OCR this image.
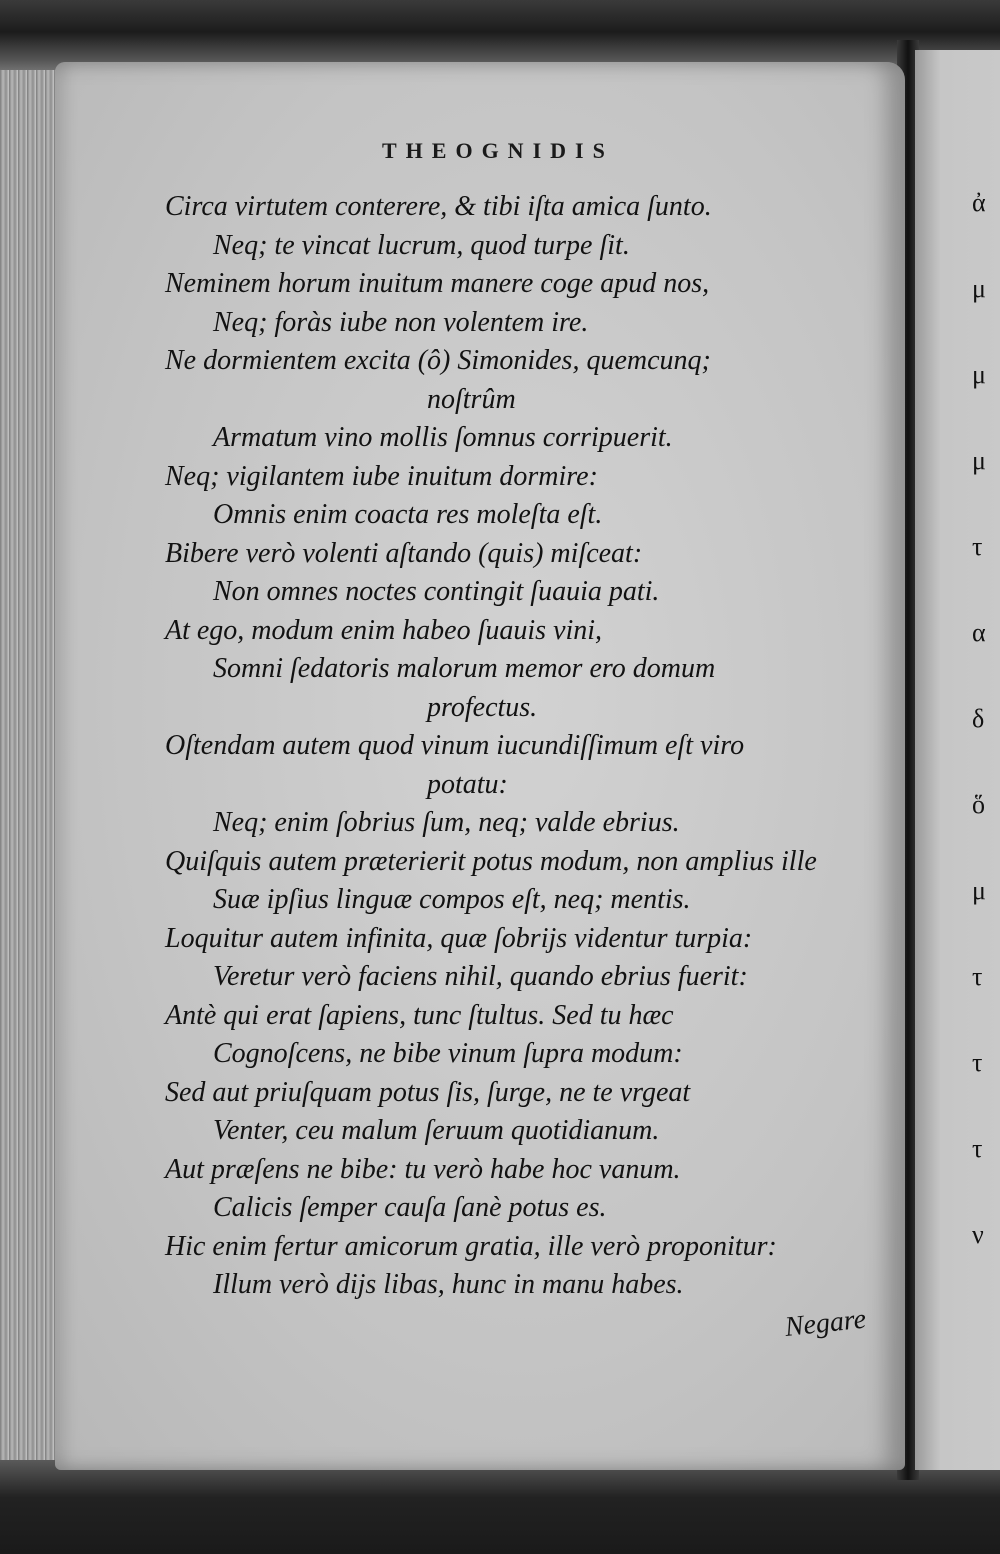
THEOGNIDIS
Circa virtutem conterere, & tibi iſta amica ſunto.
Neq; te vincat lucrum, quod turpe ſit.
Neminem horum inuitum manere coge apud nos,
Neq; foràs iube non volentem ire.
Ne dormientem excita (ô) Simonides, quemcunq;
noſtrûm
Armatum vino mollis ſomnus corripuerit.
Neq; vigilantem iube inuitum dormire:
Omnis enim coacta res moleſta eſt.
Bibere verò volenti aſtando (quis) miſceat:
Non omnes noctes contingit ſuauia pati.
At ego, modum enim habeo ſuauis vini,
Somni ſedatoris malorum memor ero domum
profectus.
Oſtendam autem quod vinum iucundiſſimum eſt viro
potatu:
Neq; enim ſobrius ſum, neq; valde ebrius.
Quiſquis autem præterierit potus modum, non amplius ille
Suæ ipſius linguæ compos eſt, neq; mentis.
Loquitur autem infinita, quæ ſobrijs videntur turpia:
Veretur verò faciens nihil, quando ebrius fuerit:
Antè qui erat ſapiens, tunc ſtultus. Sed tu hæc
Cognoſcens, ne bibe vinum ſupra modum:
Sed aut priuſquam potus ſis, ſurge, ne te vrgeat
Venter, ceu malum ſeruum quotidianum.
Aut præſens ne bibe: tu verò habe hoc vanum.
Calicis ſemper cauſa ſanè potus es.
Hic enim fertur amicorum gratia, ille verò proponitur:
Illum verò dijs libas, hunc in manu habes.
Negare
ἀ
μ
μ
μ
τ
α
δ
ὅ
μ
τ
τ
τ
ν
